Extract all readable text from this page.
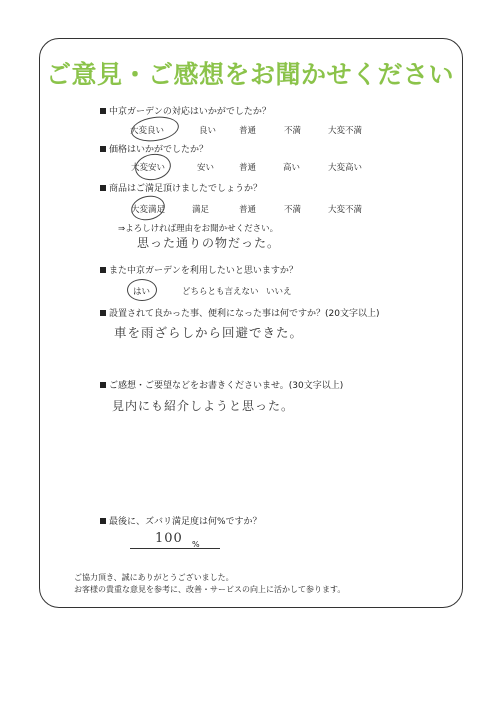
ご意見・ご感想をお聞かせください
中京ガーデンの対応はいかがでしたか？
大変良い	良い	普通	不満	大変不満
価格はいかがでしたか？
大変安い	安い	普通	高い	大変高い
商品はご満足頂けましたでしょうか？
大変満足	満足	普通	不満	大変不満
⇒よろしければ理由をお聞かせください。
思った通りの物だった。
また中京ガーデンを利用したいと思いますか？
はい	どちらとも言えない いいえ
設置されて良かった事、便利になった事は何ですか？(20文字以上)
車を雨ざらしから回避できた。
ご感想・ご要望などをお書きくださいませ。(30文字以上)
見内にも紹介しようと思った。
最後に、ズバリ満足度は何%ですか？
100 %
ご協力頂き、誠にありがとうございました。
お客様の貴重な意見を参考に、改善・サービスの向上に活かして参ります。
